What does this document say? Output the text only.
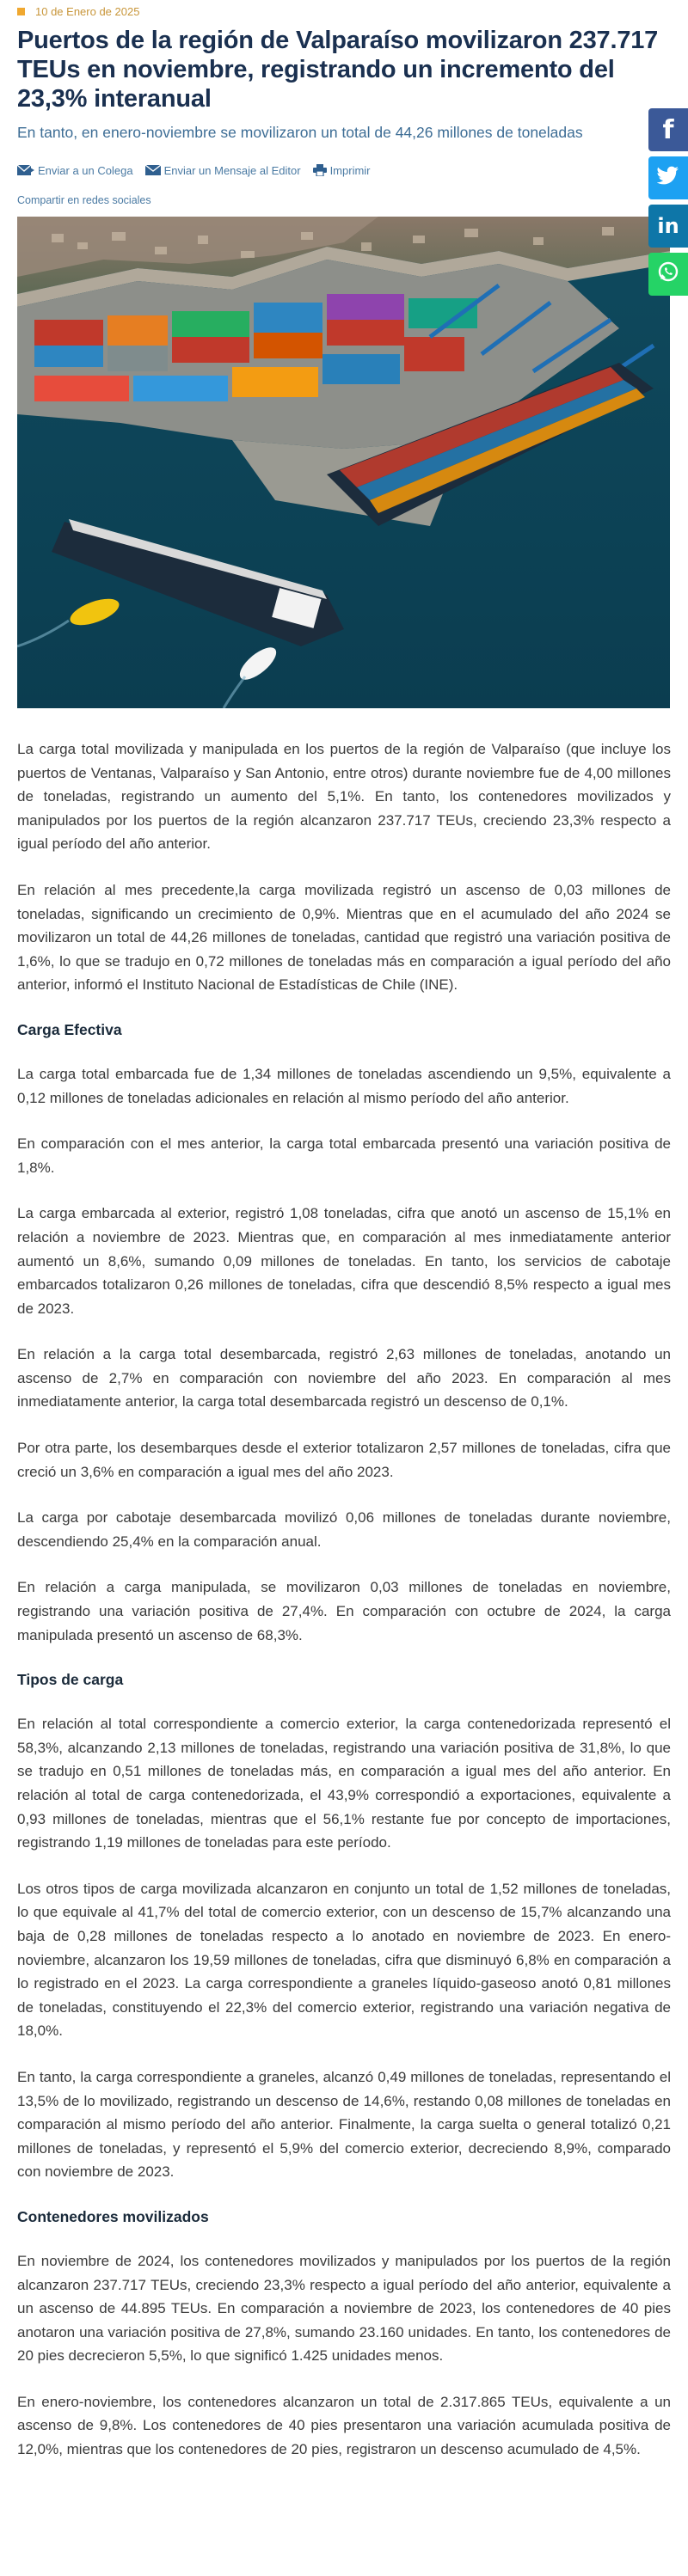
10 de Enero de 2025
Puertos de la región de Valparaíso movilizaron 237.717 TEUs en noviembre, registrando un incremento del 23,3% interanual

En tanto, en enero-noviembre se movilizaron un total de 44,26 millones de toneladas

Enviar a un Colega	Enviar un Mensaje al Editor	Imprimir
Compartir en redes sociales

La carga total movilizada y manipulada en los puertos de la región de Valparaíso (que incluye los puertos de Ventanas, Valparaíso y San Antonio, entre otros) durante noviembre fue de 4,00 millones de toneladas, registrando un aumento del 5,1%. En tanto, los contenedores movilizados y manipulados por los puertos de la región alcanzaron 237.717 TEUs, creciendo 23,3% respecto a igual período del año anterior.

En relación al mes precedente,la carga movilizada registró un ascenso de 0,03 millones de toneladas, significando un crecimiento de 0,9%. Mientras que en el acumulado del año 2024 se movilizaron un total de 44,26 millones de toneladas, cantidad que registró una variación positiva de 1,6%, lo que se tradujo en 0,72 millones de toneladas más en comparación a igual período del año anterior, informó el Instituto Nacional de Estadísticas de Chile (INE).

Carga Efectiva

La carga total embarcada fue de 1,34 millones de toneladas ascendiendo un 9,5%, equivalente a 0,12 millones de toneladas adicionales en relación al mismo período del año anterior.

En comparación con el mes anterior, la carga total embarcada presentó una variación positiva de 1,8%.

La carga embarcada al exterior, registró 1,08 toneladas, cifra que anotó un ascenso de 15,1% en relación a noviembre de 2023. Mientras que, en comparación al mes inmediatamente anterior aumentó un 8,6%, sumando 0,09 millones de toneladas. En tanto, los servicios de cabotaje embarcados totalizaron 0,26 millones de toneladas, cifra que descendió 8,5% respecto a igual mes de 2023.

En relación a la carga total desembarcada, registró 2,63 millones de toneladas, anotando un ascenso de 2,7% en comparación con noviembre del año 2023. En comparación al mes inmediatamente anterior, la carga total desembarcada registró un descenso de 0,1%.

Por otra parte, los desembarques desde el exterior totalizaron 2,57 millones de toneladas, cifra que creció un 3,6% en comparación a igual mes del año 2023.

La carga por cabotaje desembarcada movilizó 0,06 millones de toneladas durante noviembre, descendiendo 25,4% en la comparación anual.

En relación a carga manipulada, se movilizaron 0,03 millones de toneladas en noviembre, registrando una variación positiva de 27,4%. En comparación con octubre de 2024, la carga manipulada presentó un ascenso de 68,3%.

Tipos de carga

En relación al total correspondiente a comercio exterior, la carga contenedorizada representó el 58,3%, alcanzando 2,13 millones de toneladas, registrando una variación positiva de 31,8%, lo que se tradujo en 0,51 millones de toneladas más, en comparación a igual mes del año anterior. En relación al total de carga contenedorizada, el 43,9% correspondió a exportaciones, equivalente a 0,93 millones de toneladas, mientras que el 56,1% restante fue por concepto de importaciones, registrando 1,19 millones de toneladas para este período.

Los otros tipos de carga movilizada alcanzaron en conjunto un total de 1,52 millones de toneladas, lo que equivale al 41,7% del total de comercio exterior, con un descenso de 15,7% alcanzando una baja de 0,28 millones de toneladas respecto a lo anotado en noviembre de 2023. En enero-noviembre, alcanzaron los 19,59 millones de toneladas, cifra que disminuyó 6,8% en comparación a lo registrado en el 2023. La carga correspondiente a graneles líquido-gaseoso anotó 0,81 millones de toneladas, constituyendo el 22,3% del comercio exterior, registrando una variación negativa de 18,0%.

En tanto, la carga correspondiente a graneles, alcanzó 0,49 millones de toneladas, representando el 13,5% de lo movilizado, registrando un descenso de 14,6%, restando 0,08 millones de toneladas en comparación al mismo período del año anterior. Finalmente, la carga suelta o general totalizó 0,21 millones de toneladas, y representó el 5,9% del comercio exterior, decreciendo 8,9%, comparado con noviembre de 2023.

Contenedores movilizados

En noviembre de 2024, los contenedores movilizados y manipulados por los puertos de la región alcanzaron 237.717 TEUs, creciendo 23,3% respecto a igual período del año anterior, equivalente a un ascenso de 44.895 TEUs. En comparación a noviembre de 2023, los contenedores de 40 pies anotaron una variación positiva de 27,8%, sumando 23.160 unidades. En tanto, los contenedores de 20 pies decrecieron 5,5%, lo que significó 1.425 unidades menos.

En enero-noviembre, los contenedores alcanzaron un total de 2.317.865 TEUs, equivalente a un ascenso de 9,8%. Los contenedores de 40 pies presentaron una variación acumulada positiva de 12,0%, mientras que los contenedores de 20 pies, registraron un descenso acumulado de 4,5%.

f
in
